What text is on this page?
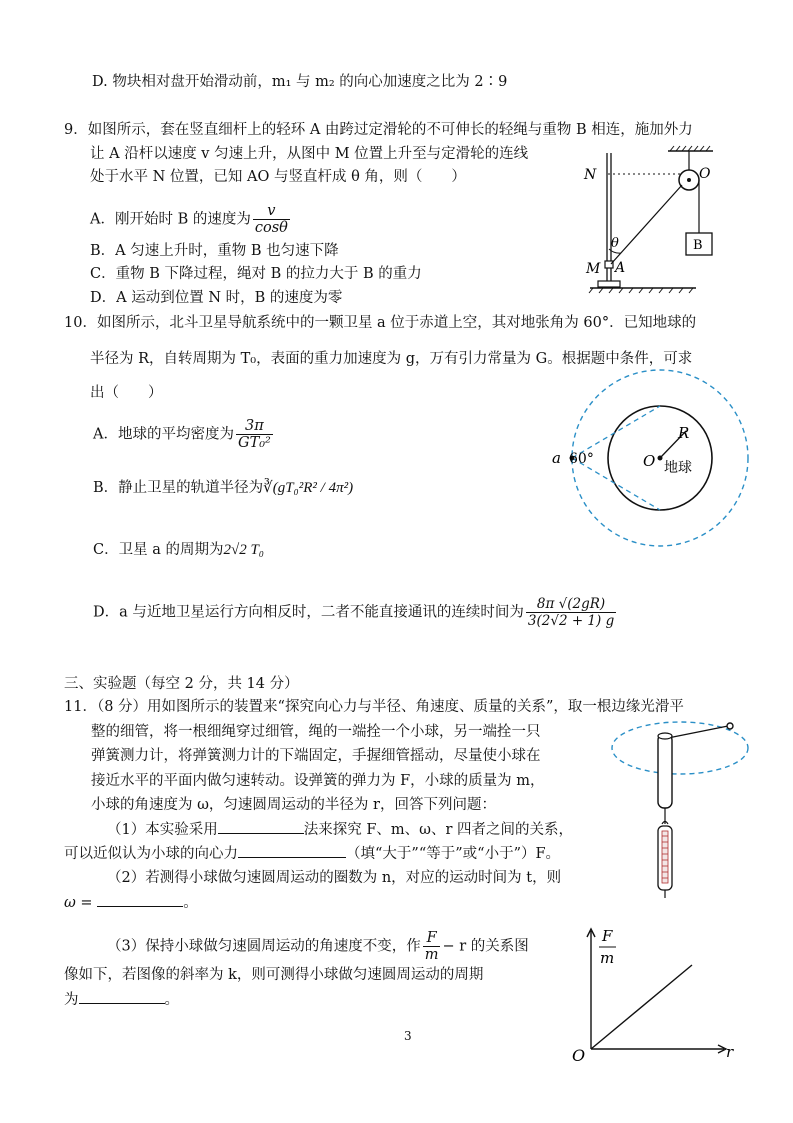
D. 物块相对盘开始滑动前，m₁ 与 m₂ 的向心加速度之比为 2∶9
9．如图所示，套在竖直细杆上的轻环 A 由跨过定滑轮的不可伸长的轻绳与重物 B 相连，施加外力
让 A 沿杆以速度 v 匀速上升，从图中 M 位置上升至与定滑轮的连线
处于水平 N 位置，已知 AO 与竖直杆成 θ 角，则（　　）
A．刚开始时 B 的速度为 $\frac{v}{\cos\theta}$
B．A 匀速上升时，重物 B 也匀速下降
C．重物 B 下降过程，绳对 B 的拉力大于 B 的重力
D．A 运动到位置 N 时，B 的速度为零
N	O
M A
B
θ
10．如图所示，北斗卫星导航系统中的一颗卫星 a 位于赤道上空，其对地张角为 60°．已知地球的
半径为 R，自转周期为 T₀，表面的重力加速度为 g，万有引力常量为 G。根据题中条件，可求
出（　　）
A．地球的平均密度为 $\frac{3\pi}{\text{GT₀²}}$
B．静止卫星的轨道半径为∛(gT₀²R² / 4π²)
C．卫星 a 的周期为2√2 T₀
D．a 与近地卫星运行方向相反时，二者不能直接通讯的连续时间为 $\frac{8\pi √(2gR)}{3(2√2 + 1) g}$
a 60°	O
R
地球
三、实验题（每空 2 分，共 14 分）
11．（8 分）用如图所示的装置来“探究向心力与半径、角速度、质量的关系”，取一根边缘光滑平
整的细管，将一根细绳穿过细管，绳的一端拴一个小球，另一端拴一只
弹簧测力计，将弹簧测力计的下端固定，手握细管摇动，尽量使小球在
接近水平的平面内做匀速转动。设弹簧的弹力为 F，小球的质量为 m，
小球的角速度为 ω，匀速圆周运动的半径为 r，回答下列问题：
（1）本实验采用	法来探究 F、m、ω、r 四者之间的关系，
可以近似认为小球的向心力	（填“大于”“等于”或“小于”）F。
（2）若测得小球做匀速圆周运动的圈数为 n，对应的运动时间为 t，则
ω =	。
（3）保持小球做匀速圆周运动的角速度不变，作 $\frac{F}{m} - r$ 的关系图
像如下，若图像的斜率为 k，则可测得小球做匀速圆周运动的周期
为	。
F
m
r
O
3
